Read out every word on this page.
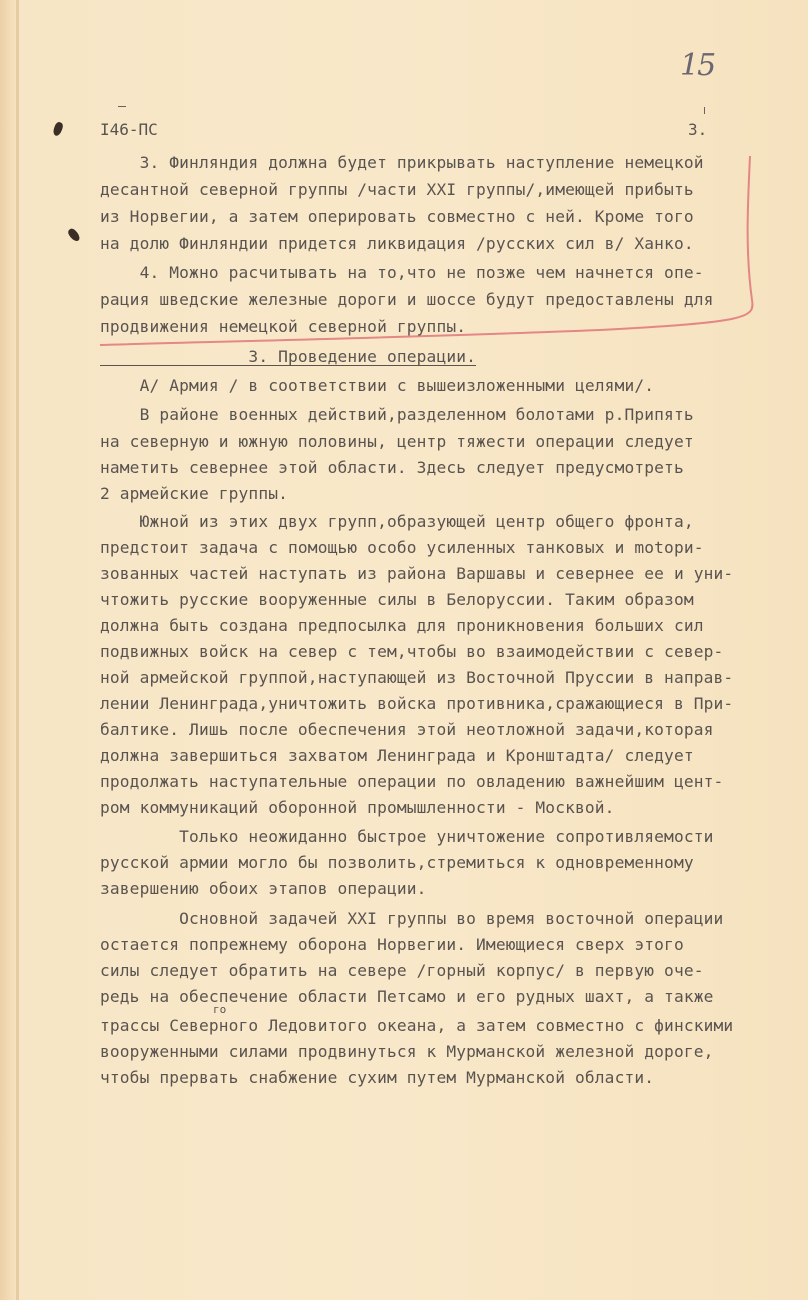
15
I46-ПС	3.
3. Финляндия должна будет прикрывать наступление немецкой
десантной северной группы /части XXI группы/,имеющей прибыть
из Норвегии, а затем оперировать совместно с ней. Кроме того
на долю Финляндии придется ликвидация /русских сил в/ Ханко.
4. Можно расчитывать на то,что не позже чем начнется опе-
рация шведские железные дороги и шоссе будут предоставлены для
продвижения немецкой северной группы.
3. Проведение операции.
А/ Армия / в соответствии с вышеизложенными целями/.
В районе военных действий,разделенном болотами р.Припять
на северную и южную половины, центр тяжести операции следует
наметить севернее этой области. Здесь следует предусмотреть
2 армейские группы.
Южной из этих двух групп,образующей центр общего фронта,
предстоит задача с помощью особо усиленных танковых и motори-
зованных частей наступать из района Варшавы и севернее ее и уни-
чтожить русские вооруженные силы в Белоруссии. Таким образом
должна быть создана предпосылка для проникновения больших сил
подвижных войск на север с тем,чтобы во взаимодействии с север-
ной армейской группой,наступающей из Восточной Пруссии в направ-
лении Ленинграда,уничтожить войска противника,сражающиеся в При-
балтике. Лишь после обеспечения этой неотложной задачи,которая
должна завершиться захватом Ленинграда и Кронштадта/ следует
продолжать наступательные операции по овладению важнейшим цент-
ром коммуникаций оборонной промышленности - Москвой.
Только неожиданно быстрое уничтожение сопротивляемости
русской армии могло бы позволить,стремиться к одновременному
завершению обоих этапов операции.
Основной задачей XXI группы во время восточной операции
остается попрежнему оборона Норвегии. Имеющиеся сверх этого
силы следует обратить на севере /горный корпус/ в первую оче-
редь на обеспечение области Петсамо и его рудных шахт, а также
трассы Северного Ледовитого океана, а затем совместно с финскими
вооруженными силами продвинуться к Мурманской железной дороге,
чтобы прервать снабжение сухим путем Мурманской области.
го
